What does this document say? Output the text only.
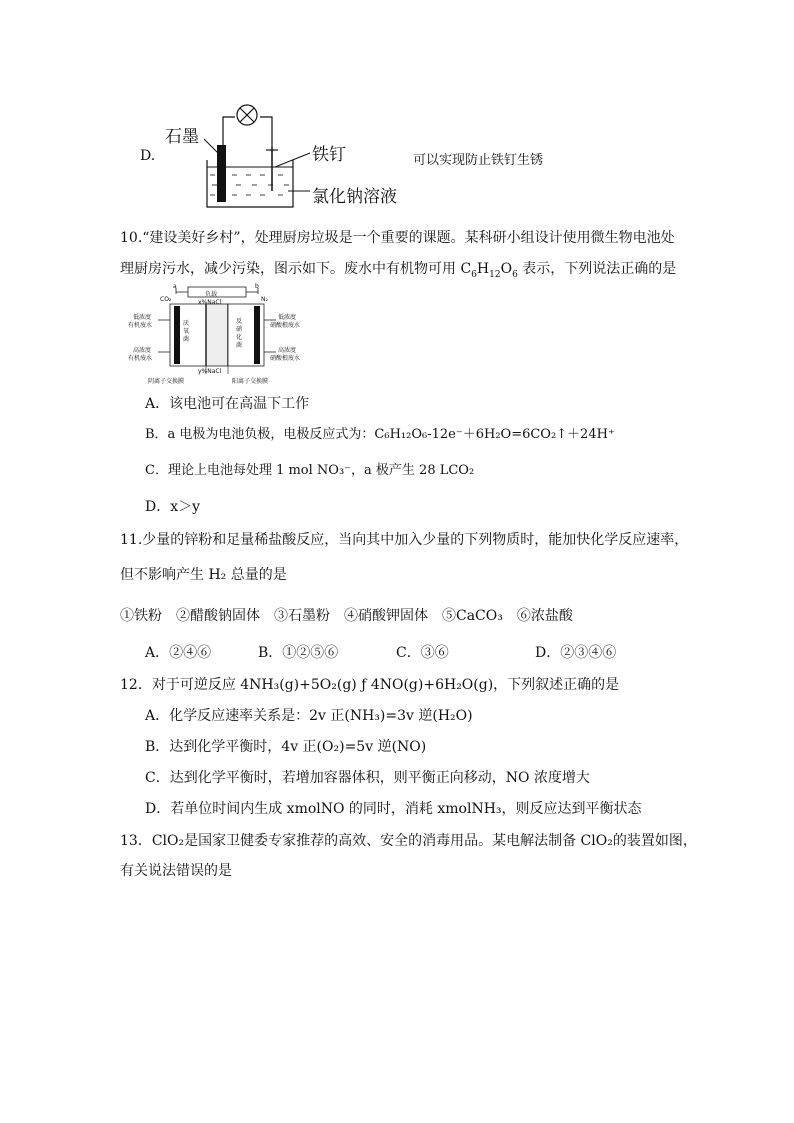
D.
石墨
铁钉
氯化钠溶液
可以实现防止铁钉生锈
10.“建设美好乡村”，处理厨房垃圾是一个重要的课题。某科研小组设计使用微生物电池处
理厨房污水，减少污染，图示如下。废水中有机物可用 $C_6H_{12}O_6$ 表示，下列说法正确的是
a	b
负载
x%NaCl
CO₂	N₂
低浓度
有机废水
高浓度
有机废水
低浓度
硝酸根废水
高浓度
硝酸根废水
厌氧菌
反硝化菌
y%NaCl
阴离子交换膜	阳离子交换膜
A．该电池可在高温下工作
B．a 电极为电池负极，电极反应式为：C₆H₁₂O₆-12e⁻＋6H₂O=6CO₂↑＋24H⁺
C．理论上电池每处理 1 mol NO₃⁻，a 极产生 28 LCO₂
D．x＞y
11.少量的锌粉和足量稀盐酸反应，当向其中加入少量的下列物质时，能加快化学反应速率，
但不影响产生 H₂ 总量的是
①铁粉　②醋酸钠固体　③石墨粉　④硝酸钾固体　⑤CaCO₃　⑥浓盐酸
A．②④⑥	B．①②⑤⑥	C．③⑥	D．②③④⑥
12．对于可逆反应 4NH₃(g)+5O₂(g) ƒ 4NO(g)+6H₂O(g)，下列叙述正确的是
A．化学反应速率关系是：2v 正(NH₃)=3v 逆(H₂O)
B．达到化学平衡时，4v 正(O₂)=5v 逆(NO)
C．达到化学平衡时，若增加容器体积，则平衡正向移动，NO 浓度增大
D．若单位时间内生成 xmolNO 的同时，消耗 xmolNH₃，则反应达到平衡状态
13．ClO₂是国家卫健委专家推荐的高效、安全的消毒用品。某电解法制备 ClO₂的装置如图，
有关说法错误的是
